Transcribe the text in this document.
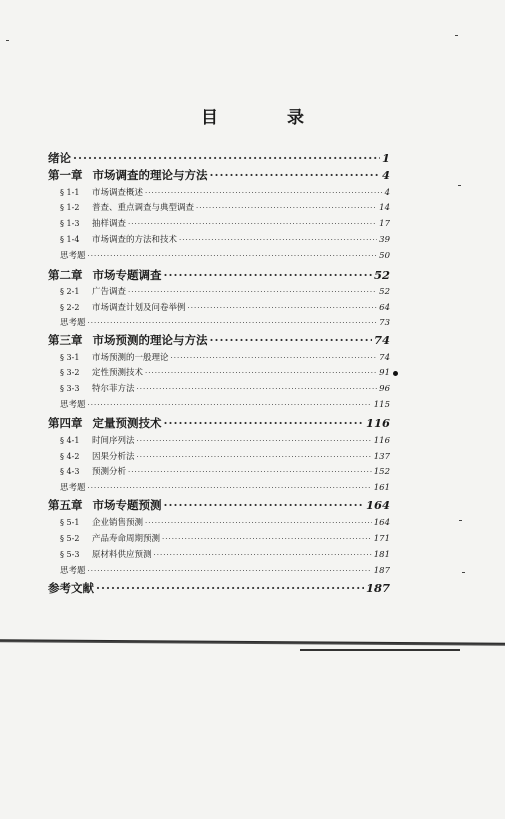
目　录
绪论 ·····	1
第一章 市场调查的理论与方法 ·····	4
§ 1-1 市场调查概述 ·····	4
§ 1-2 普查、重点调查与典型调查 ·····	14
§ 1-3 抽样调查 ·····	17
§ 1-4 市场调查的方法和技术 ·····	39
思考题 ·····	50
第二章 市场专题调查 ·····	52
§ 2-1 广告调查 ·····	52
§ 2-2 市场调查计划及问卷举例 ·····	64
思考题 ·····	73
第三章 市场预测的理论与方法 ·····	74
§ 3-1 市场预测的一般理论 ·····	74
§ 3-2 定性预测技术 ·····	91
§ 3-3 特尔菲方法 ·····	96
思考题 ·····	115
第四章 定量预测技术 ·····	116
§ 4-1 时间序列法 ·····	116
§ 4-2 因果分析法 ·····	137
§ 4-3 预测分析 ·····	152
思考题 ·····	161
第五章 市场专题预测 ·····	164
§ 5-1 企业销售预测 ·····	164
§ 5-2 产品寿命周期预测 ·····	171
§ 5-3 原材料供应预测 ·····	181
思考题 ·····	187
参考文献 ·····	187
